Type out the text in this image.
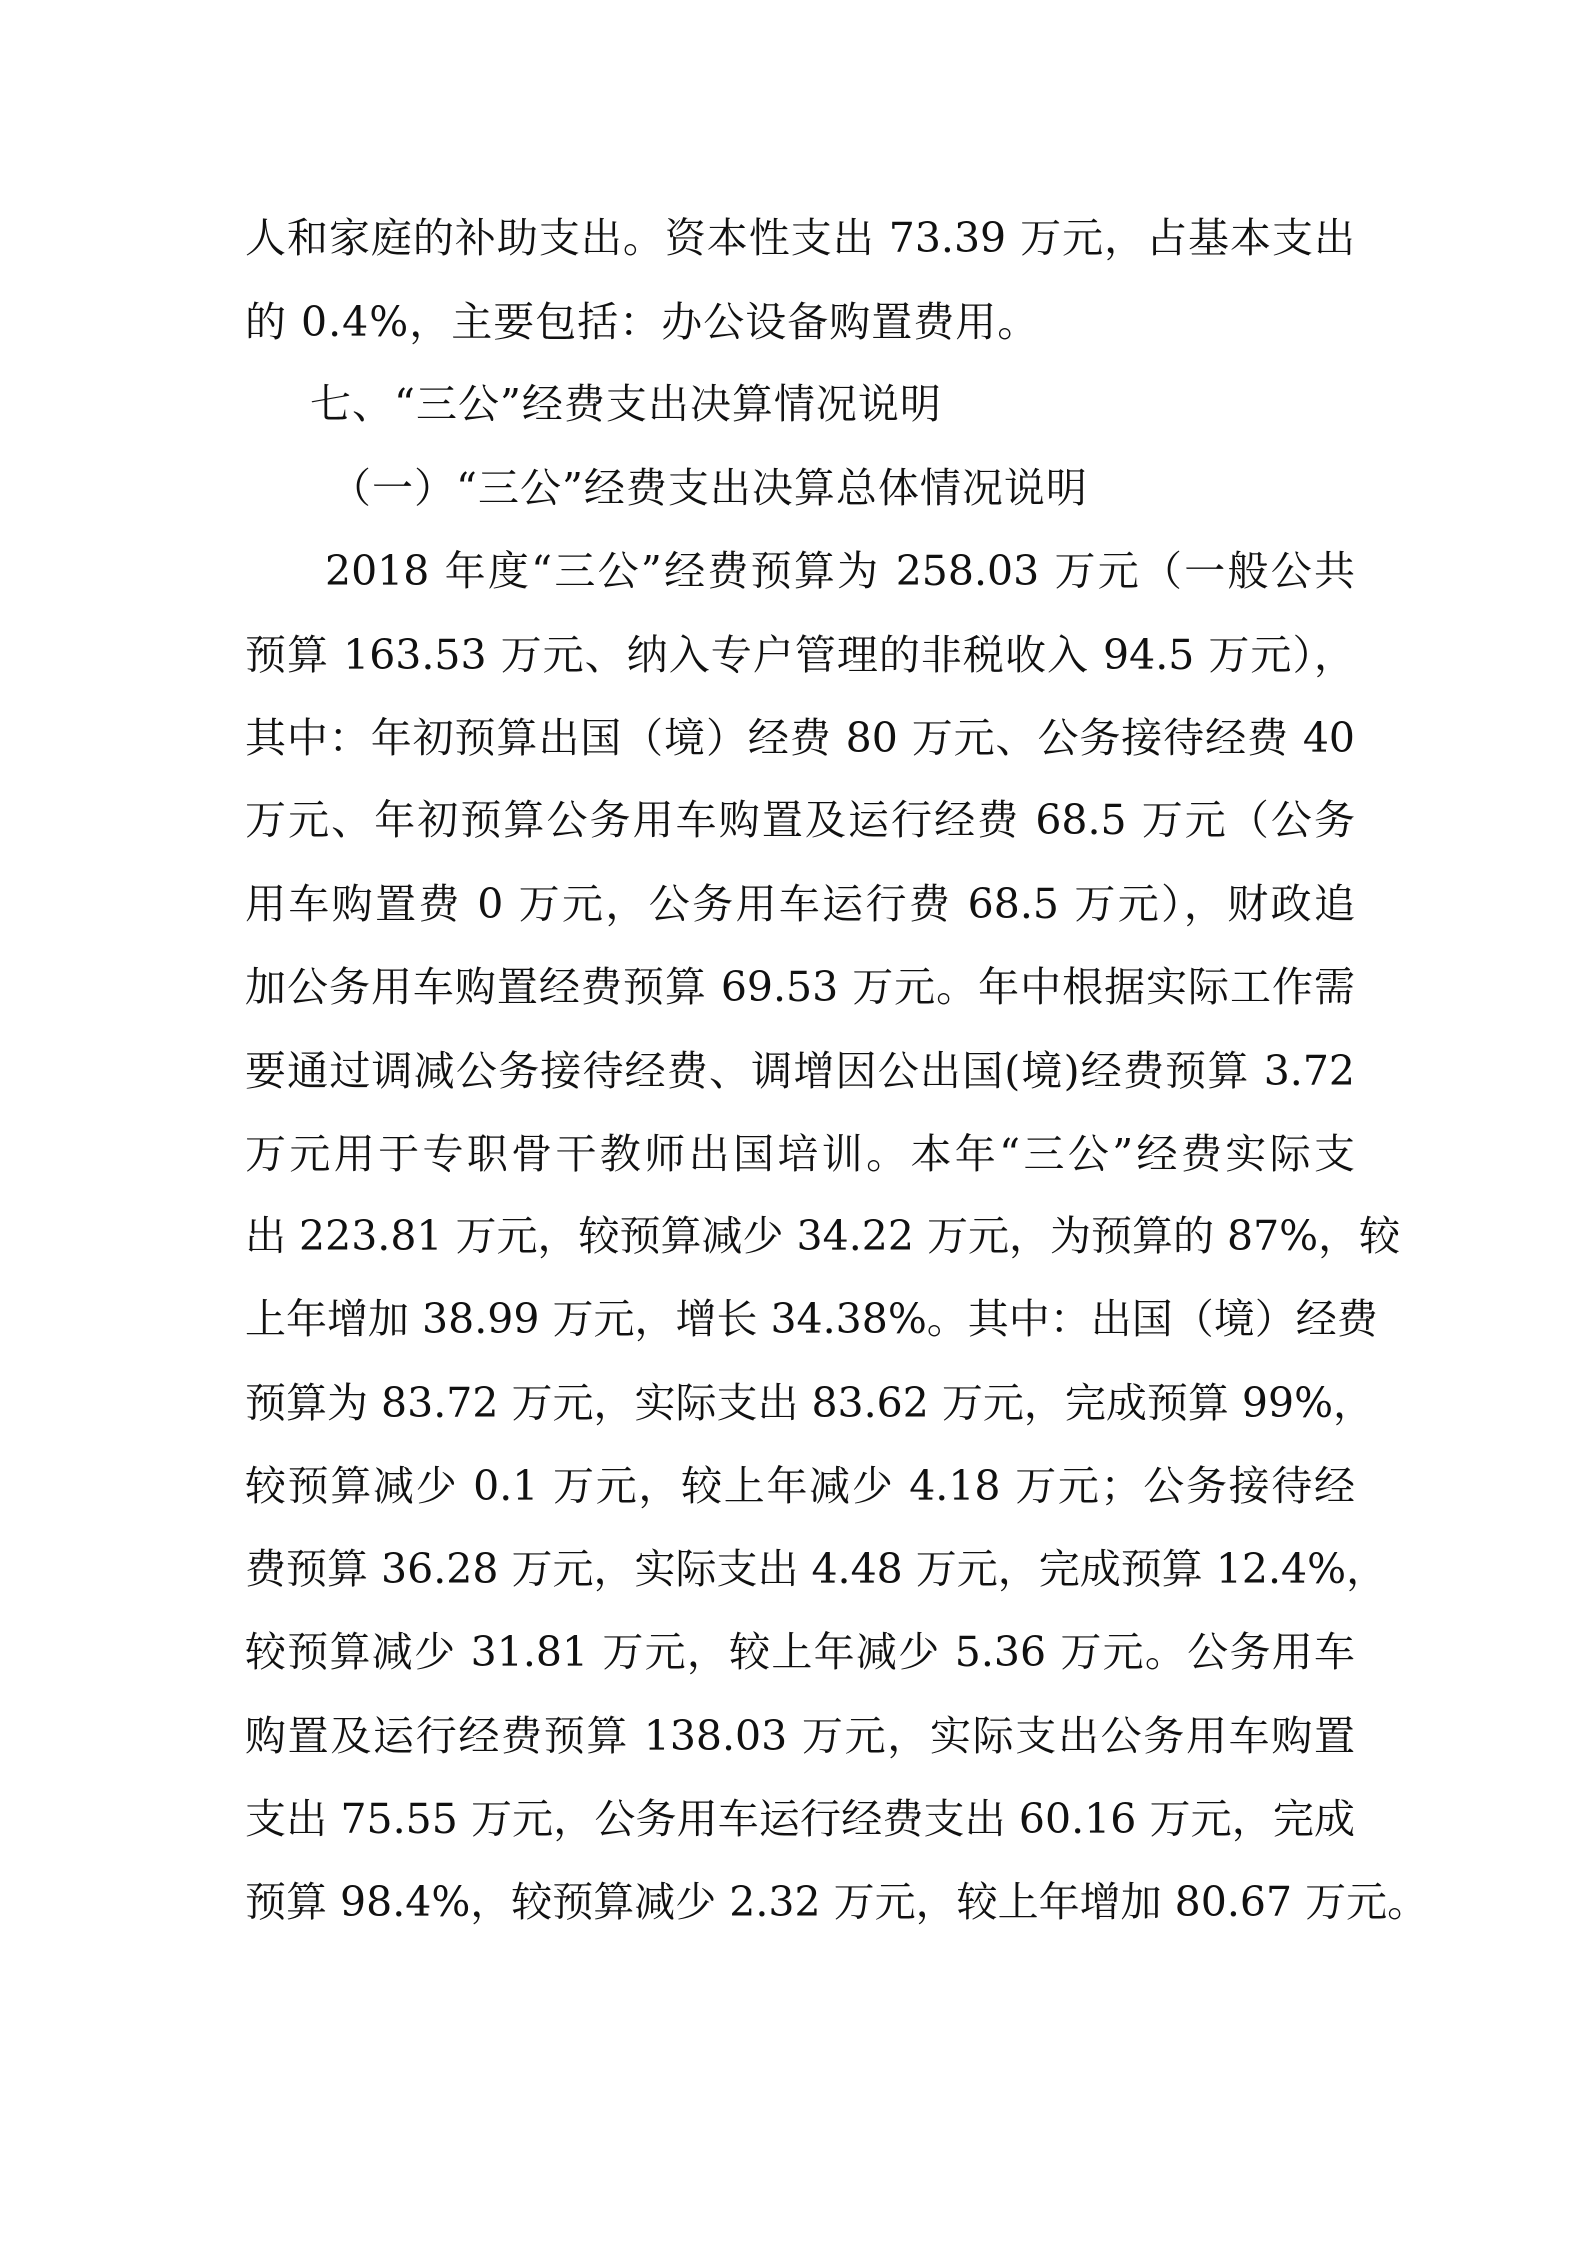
人和家庭的补助支出。资本性支出 73.39 万元，占基本支出
的 0.4%，主要包括：办公设备购置费用。
七、“三公”经费支出决算情况说明
（一）“三公”经费支出决算总体情况说明
2018 年度“三公”经费预算为 258.03 万元（一般公共
预算 163.53 万元、纳入专户管理的非税收入 94.5 万元），
其中：年初预算出国（境）经费 80 万元、公务接待经费 40
万元、年初预算公务用车购置及运行经费 68.5 万元（公务
用车购置费 0 万元，公务用车运行费 68.5 万元），财政追
加公务用车购置经费预算 69.53 万元。年中根据实际工作需
要通过调减公务接待经费、调增因公出国(境)经费预算 3.72
万元用于专职骨干教师出国培训。本年“三公”经费实际支
出 223.81 万元，较预算减少 34.22 万元，为预算的 87%，较
上年增加 38.99 万元，增长 34.38%。其中：出国（境）经费
预算为 83.72 万元，实际支出 83.62 万元，完成预算 99%，
较预算减少 0.1 万元，较上年减少 4.18 万元；公务接待经
费预算 36.28 万元，实际支出 4.48 万元，完成预算 12.4%，
较预算减少 31.81 万元，较上年减少 5.36 万元。公务用车
购置及运行经费预算 138.03 万元，实际支出公务用车购置
支出 75.55 万元，公务用车运行经费支出 60.16 万元，完成
预算 98.4%，较预算减少 2.32 万元，较上年增加 80.67 万元。
